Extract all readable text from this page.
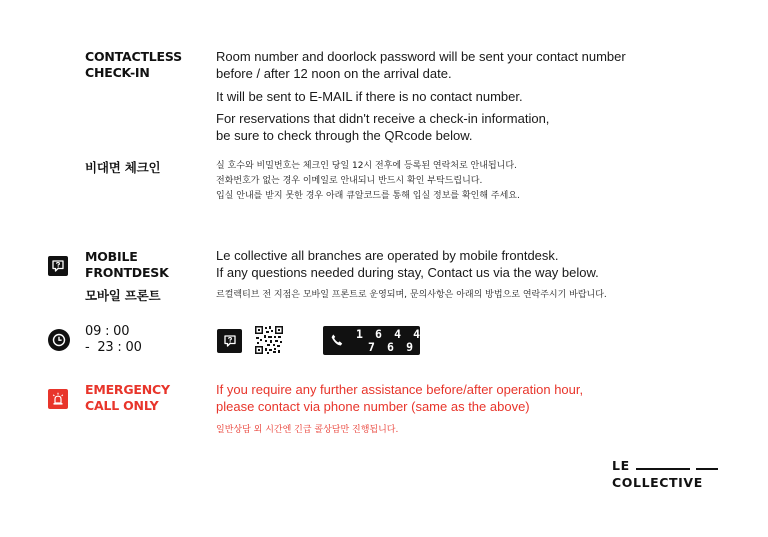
CONTACTLESS
CHECK-IN
Room number and doorlock password will be sent your contact number
before / after 12 noon on the arrival date.
It will be sent to E-MAIL if there is no contact number.
For reservations that didn't receive a check-in information,
be sure to check through the QRcode below.
비대면 체크인	실 호수와 비밀번호는 체크인 당일 12시 전후에 등록된 연락처로 안내됩니다.
전화번호가 없는 경우 이메일로 안내되니 반드시 확인 부탁드립니다.
입실 안내를 받지 못한 경우 아래 큐알코드를 통해 입실 정보를 확인해 주세요.
MOBILE
FRONTDESK
Le collective all branches are operated by mobile frontdesk.
If any questions needed during stay, Contact us via the way below.
모바일 프론트	르컬렉티브 전 지점은 모바일 프론트로 운영되며, 문의사항은 아래의 방법으로 연락주시기 바랍니다.
09 : 00
-  23 : 00
1 6 4 4 -
7 6 9 4
EMERGENCY
CALL ONLY
If you require any further assistance before/after operation hour,
please contact via phone number (same as the above)
일반상담 외 시간엔 긴급 콜상담만 진행됩니다.
LE
COLLECTIVE
